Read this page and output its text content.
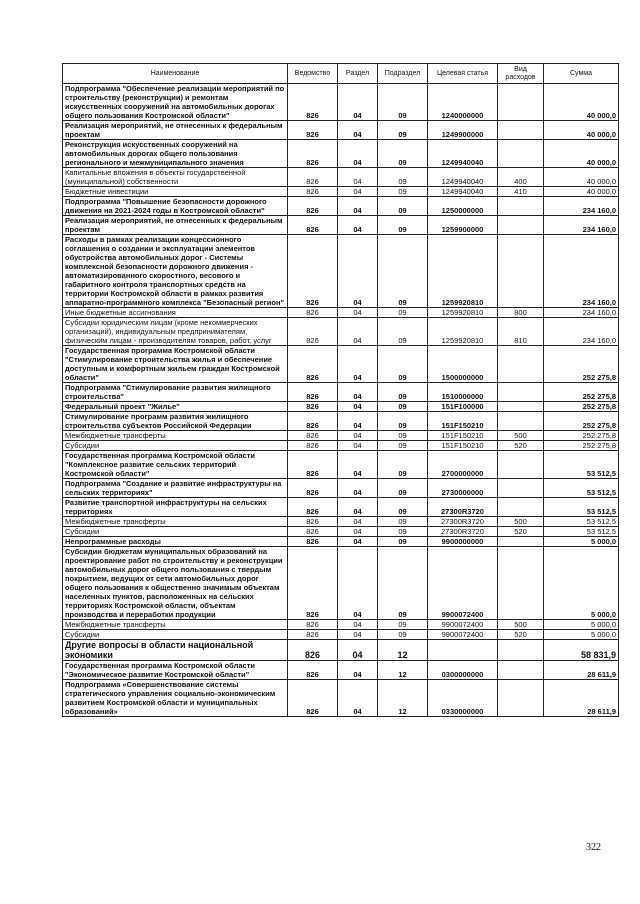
Наименование	Ведомство	Раздел	Подраздел	Целевая статья	Вид расходов	Сумма
Подпрограмма "Обеспечение реализации мероприятий по строительству (реконструкции) и ремонтам искусственных сооружений на автомобильных дорогах общего пользования Костромской области"	826	04	09	1240000000		40 000,0
Реализация мероприятий, не отнесенных к федеральным проектам	826	04	09	1249900000		40 000,0
Реконструкция искусственных сооружений на автомобильных дорогах общего пользования регионального и межмуниципального значения	826	04	09	1249940040		40 000,0
Капитальные вложения в объекты государственной (муниципальной) собственности	826	04	09	1249940040	400	40 000,0
Бюджетные инвестиции	826	04	09	1249940040	410	40 000,0
Подпрограмма "Повышение безопасности дорожного движения на 2021-2024 годы в Костромской области"	826	04	09	1250000000		234 160,0
Реализация мероприятий, не отнесенных к федеральным проектам	826	04	09	1259900000		234 160,0
Расходы в рамках реализации концессионного соглашения о создании и эксплуатации элементов обустройства автомобильных дорог - Системы комплексной безопасности дорожного движения - автоматизированного скоростного, весового и габаритного контроля транспортных средств на территории Костромской области в рамках развития аппаратно-программного комплекса "Безопасный регион"	826	04	09	1259920810		234 160,0
Иные бюджетные ассигнования	826	04	09	1259920810	800	234 160,0
Субсидии юридическим лицам (кроме некоммерческих организаций), индивидуальным предпринимателям, физическим лицам - производителям товаров, работ, услуг	826	04	09	1259920810	810	234 160,0
Государственная программа Костромской области "Стимулирование строительства жилья и обеспечение доступным и комфортным жильем граждан Костромской области"	826	04	09	1500000000		252 275,8
Подпрограмма "Стимулирование развития жилищного строительства"	826	04	09	1510000000		252 275,8
Федеральный проект "Жилье"	826	04	09	151F100000		252 275,8
Стимулирование программ развития жилищного строительства субъектов Российской Федерации	826	04	09	151F150210		252 275,8
Межбюджетные трансферты	826	04	09	151F150210	500	252 275,8
Субсидии	826	04	09	151F150210	520	252 275,8
Государственная программа Костромской области "Комплексное развитие сельских территорий Костромской области"	826	04	09	2700000000		53 512,5
Подпрограмма "Создание и развитие инфраструктуры на сельских территориях"	826	04	09	2730000000		53 512,5
Развитие транспортной инфраструктуры на сельских территориях	826	04	09	27300R3720		53 512,5
Межбюджетные трансферты	826	04	09	27300R3720	500	53 512,5
Субсидии	826	04	09	27300R3720	520	53 512,5
Непрограммные расходы	826	04	09	9900000000		5 000,0
Субсидии бюджетам муниципальных образований на проектирование работ по строительству и реконструкции автомобильных дорог общего пользования с твердым покрытием, ведущих от сети автомобильных дорог общего пользования к общественно значимым объектам населенных пунктов, расположенных на сельских территориях Костромской области, объектам производства и переработки продукции	826	04	09	9900072400		5 000,0
Межбюджетные трансферты	826	04	09	9900072400	500	5 000,0
Субсидии	826	04	09	9900072400	520	5 000,0
Другие вопросы в области национальной экономики	826	04	12			58 831,9
Государственная программа Костромской области "Экономическое развитие Костромской области"	826	04	12	0300000000		28 611,9
Подпрограмма «Совершенствование системы стратегического управления социально-экономическим развитием Костромской области и муниципальных образований»	826	04	12	0330000000		28 611,9
322
